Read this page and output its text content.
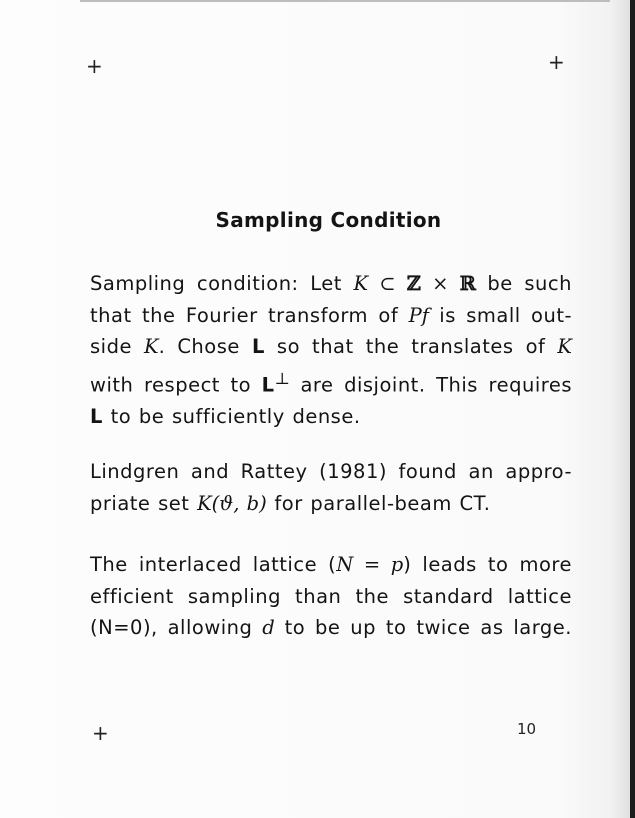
+	+
+
Sampling Condition
Sampling condition: Let K ⊂ ℤ × ℝ be such
that the Fourier transform of Pf is small out-
side K. Chose L so that the translates of K
with respect to L⊥ are disjoint. This requires
L to be sufficiently dense.
Lindgren and Rattey (1981) found an appro-
priate set K(ϑ, b) for parallel-beam CT.
The interlaced lattice (N = p) leads to more
efficient sampling than the standard lattice
(N=0), allowing d to be up to twice as large.
10
